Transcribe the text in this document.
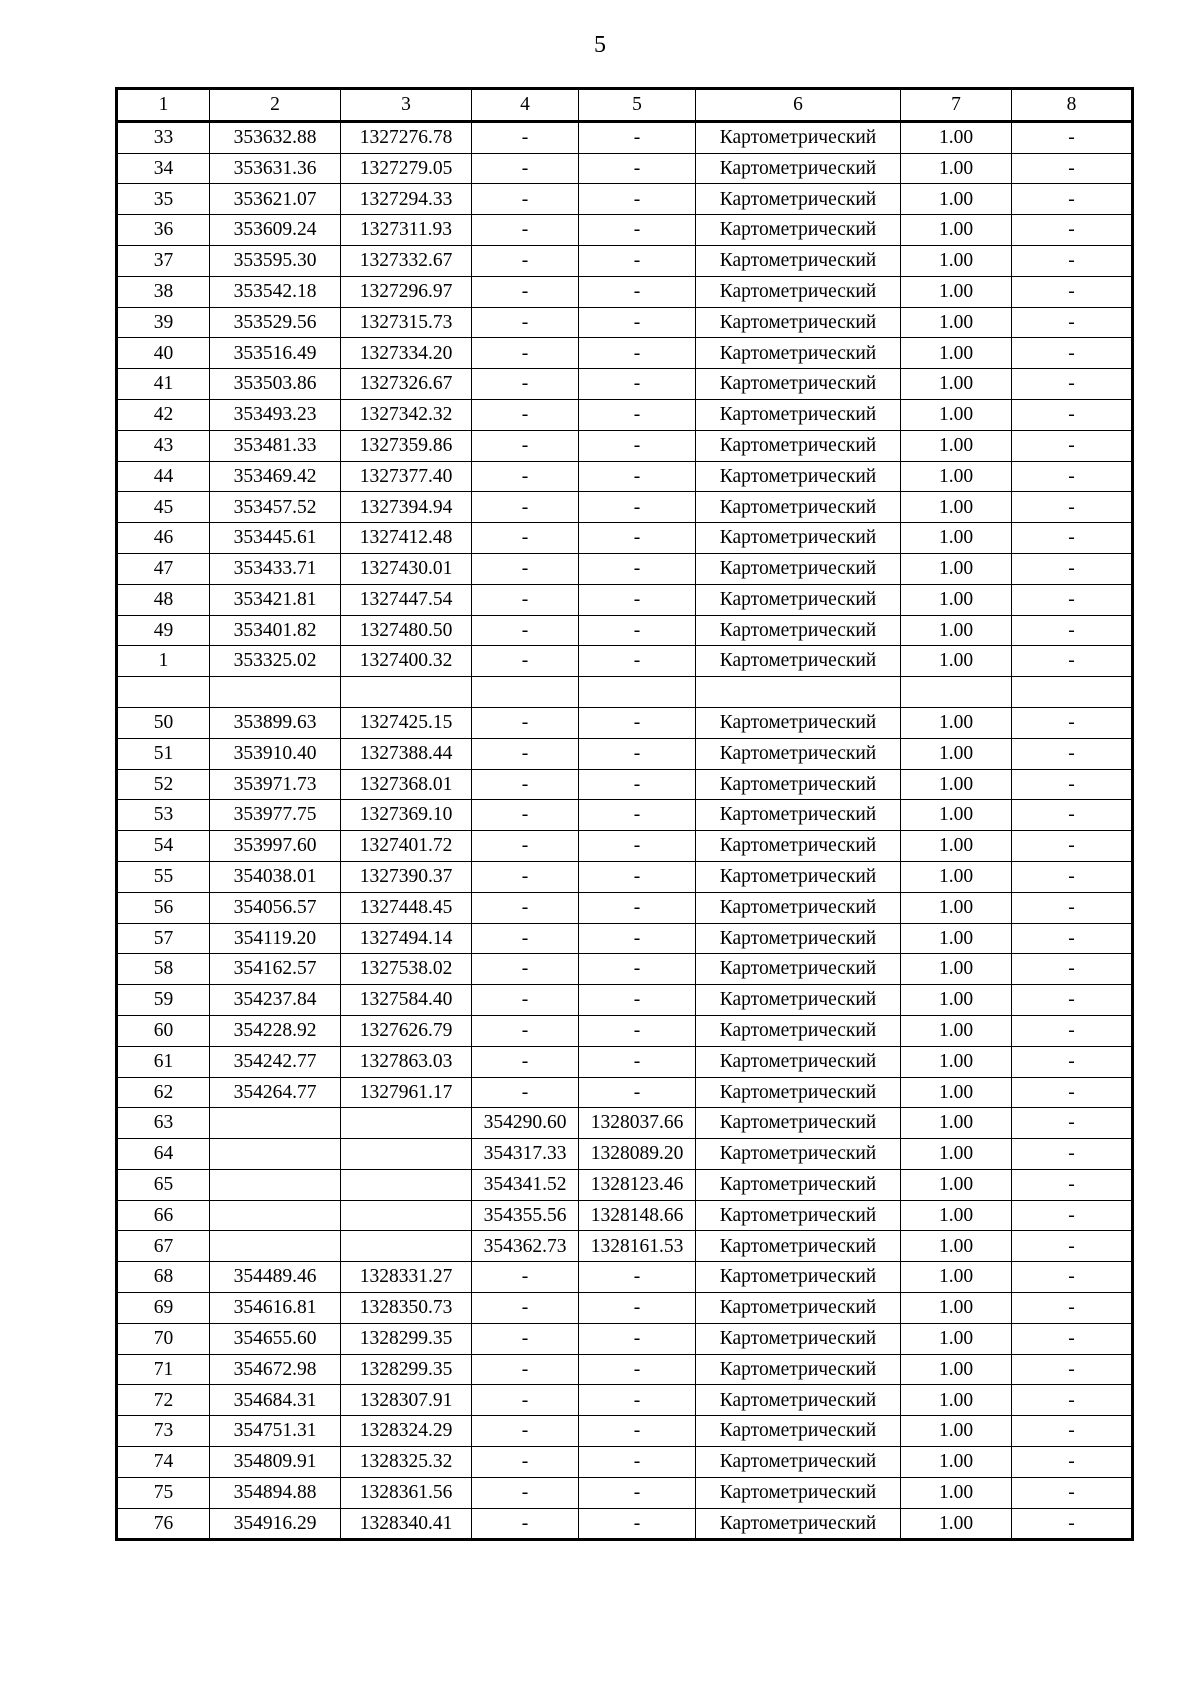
5
1	2	3	4	5	6	7	8
33	353632.88	1327276.78	-	-	Картометрический	1.00	-
34	353631.36	1327279.05	-	-	Картометрический	1.00	-
35	353621.07	1327294.33	-	-	Картометрический	1.00	-
36	353609.24	1327311.93	-	-	Картометрический	1.00	-
37	353595.30	1327332.67	-	-	Картометрический	1.00	-
38	353542.18	1327296.97	-	-	Картометрический	1.00	-
39	353529.56	1327315.73	-	-	Картометрический	1.00	-
40	353516.49	1327334.20	-	-	Картометрический	1.00	-
41	353503.86	1327326.67	-	-	Картометрический	1.00	-
42	353493.23	1327342.32	-	-	Картометрический	1.00	-
43	353481.33	1327359.86	-	-	Картометрический	1.00	-
44	353469.42	1327377.40	-	-	Картометрический	1.00	-
45	353457.52	1327394.94	-	-	Картометрический	1.00	-
46	353445.61	1327412.48	-	-	Картометрический	1.00	-
47	353433.71	1327430.01	-	-	Картометрический	1.00	-
48	353421.81	1327447.54	-	-	Картометрический	1.00	-
49	353401.82	1327480.50	-	-	Картометрический	1.00	-
1	353325.02	1327400.32	-	-	Картометрический	1.00	-

50	353899.63	1327425.15	-	-	Картометрический	1.00	-
51	353910.40	1327388.44	-	-	Картометрический	1.00	-
52	353971.73	1327368.01	-	-	Картометрический	1.00	-
53	353977.75	1327369.10	-	-	Картометрический	1.00	-
54	353997.60	1327401.72	-	-	Картометрический	1.00	-
55	354038.01	1327390.37	-	-	Картометрический	1.00	-
56	354056.57	1327448.45	-	-	Картометрический	1.00	-
57	354119.20	1327494.14	-	-	Картометрический	1.00	-
58	354162.57	1327538.02	-	-	Картометрический	1.00	-
59	354237.84	1327584.40	-	-	Картометрический	1.00	-
60	354228.92	1327626.79	-	-	Картометрический	1.00	-
61	354242.77	1327863.03	-	-	Картометрический	1.00	-
62	354264.77	1327961.17	-	-	Картометрический	1.00	-
63			354290.60	1328037.66	Картометрический	1.00	-
64			354317.33	1328089.20	Картометрический	1.00	-
65			354341.52	1328123.46	Картометрический	1.00	-
66			354355.56	1328148.66	Картометрический	1.00	-
67			354362.73	1328161.53	Картометрический	1.00	-
68	354489.46	1328331.27	-	-	Картометрический	1.00	-
69	354616.81	1328350.73	-	-	Картометрический	1.00	-
70	354655.60	1328299.35	-	-	Картометрический	1.00	-
71	354672.98	1328299.35	-	-	Картометрический	1.00	-
72	354684.31	1328307.91	-	-	Картометрический	1.00	-
73	354751.31	1328324.29	-	-	Картометрический	1.00	-
74	354809.91	1328325.32	-	-	Картометрический	1.00	-
75	354894.88	1328361.56	-	-	Картометрический	1.00	-
76	354916.29	1328340.41	-	-	Картометрический	1.00	-
